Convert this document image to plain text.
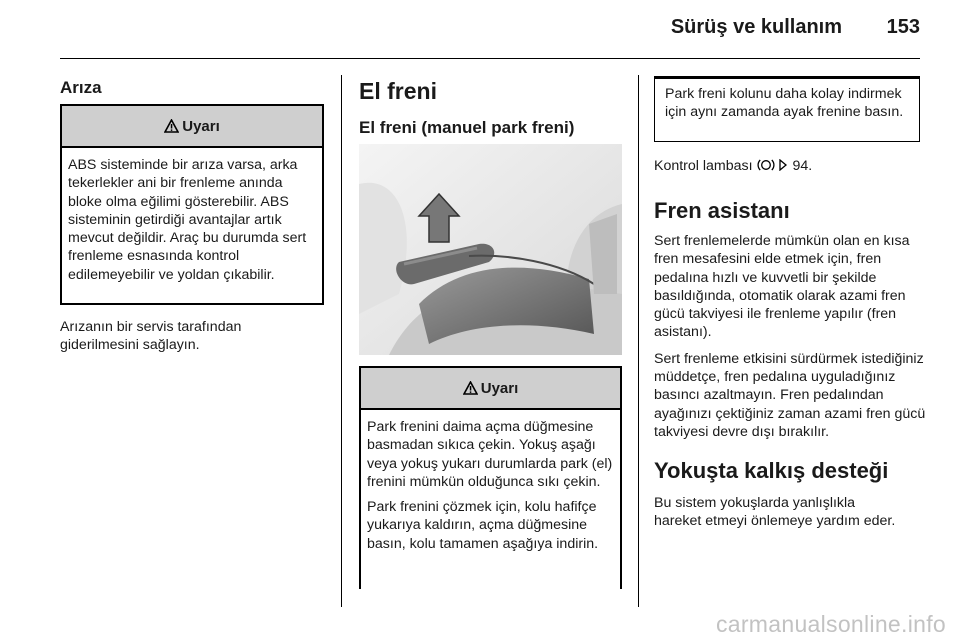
Sürüş ve kullanım 153
Arıza
Uyarı

ABS sisteminde bir arıza varsa, arka tekerlekler ani bir frenleme anında bloke olma eğilimi gösterebilir. ABS sisteminin getirdiği avantajlar artık mevcut değildir. Araç bu durumda sert frenleme esnasında kontrol edilemeyebilir ve yoldan çıkabilir.

Arızanın bir servis tarafından giderilmesini sağlayın.

El freni
El freni (manuel park freni)
Uyarı

Park frenini daima açma düğmesine basmadan sıkıca çekin. Yokuş aşağı veya yokuş yukarı durumlarda park (el) frenini mümkün olduğunca sıkı çekin.

Park frenini çözmek için, kolu hafifçe yukarıya kaldırın, açma düğmesine basın, kolu tamamen aşağıya indirin.

Park freni kolunu daha kolay indirmek için aynı zamanda ayak frenine basın.
Kontrol lambası	94.
Fren asistanı

Sert frenlemelerde mümkün olan en kısa fren mesafesini elde etmek için, fren pedalına hızlı ve kuvvetli bir şekilde basıldığında, otomatik olarak azami fren gücü takviyesi ile frenleme yapılır (fren asistanı).

Sert frenleme etkisini sürdürmek istediğiniz müddetçe, fren pedalına uyguladığınız basıncı azaltmayın. Fren pedalından ayağınızı çektiğiniz zaman azami fren gücü takviyesi devre dışı bırakılır.

Yokuşta kalkış desteği

Bu sistem yokuşlarda yanlışlıkla hareket etmeyi önlemeye yardım eder.

carmanualsonline.info
